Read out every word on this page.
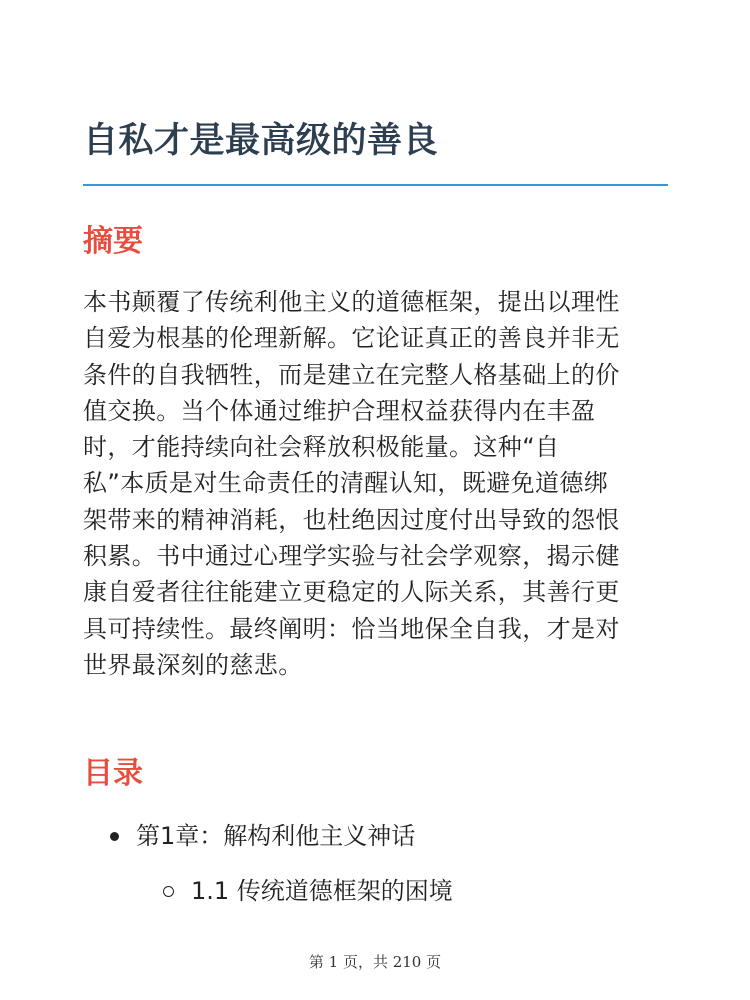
自私才是最高级的善良
摘要
本书颠覆了传统利他主义的道德框架，提出以理性
自爱为根基的伦理新解。它论证真正的善良并非无
条件的自我牺牲，而是建立在完整人格基础上的价
值交换。当个体通过维护合理权益获得内在丰盈
时，才能持续向社会释放积极能量。这种“自
私”本质是对生命责任的清醒认知，既避免道德绑
架带来的精神消耗，也杜绝因过度付出导致的怨恨
积累。书中通过心理学实验与社会学观察，揭示健
康自爱者往往能建立更稳定的人际关系，其善行更
具可持续性。最终阐明：恰当地保全自我，才是对
世界最深刻的慈悲。
目录
第1章：解构利他主义神话
1.1 传统道德框架的困境
第 1 页，共 210 页
